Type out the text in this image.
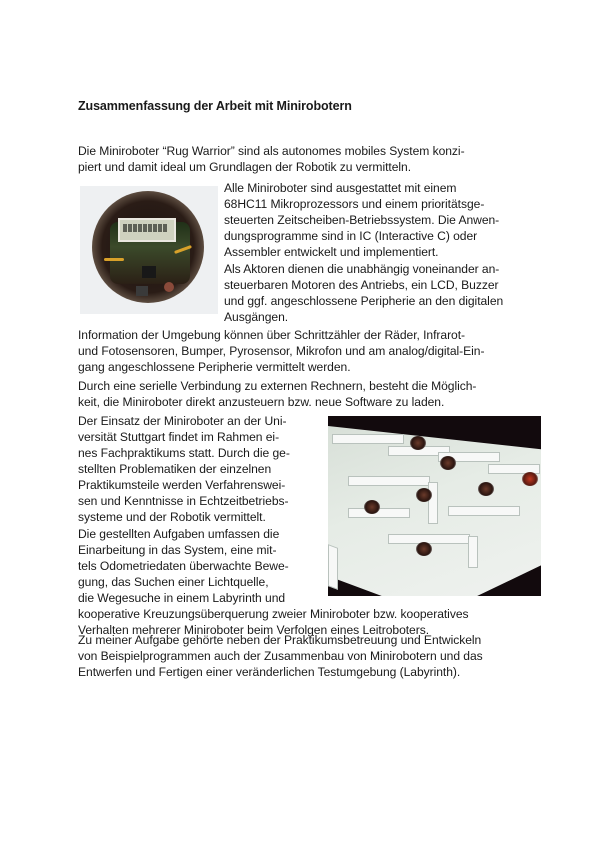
Zusammenfassung der Arbeit mit Minirobotern

Die Miniroboter “Rug Warrior” sind als autonomes mobiles System konzi-
piert und damit ideal um Grundlagen der Robotik zu vermitteln.

Alle Miniroboter sind ausgestattet mit einem
68HC11 Mikroprozessors und einem prioritätsge-
steuerten Zeitscheiben-Betriebssystem. Die Anwen-
dungsprogramme sind in IC (Interactive C) oder
Assembler entwickelt und implementiert.

Als Aktoren dienen die unabhängig voneinander an-
steuerbaren Motoren des Antriebs, ein LCD, Buzzer
und ggf. angeschlossene Peripherie an den digitalen
Ausgängen.

Information der Umgebung können über Schrittzähler der Räder, Infrarot-
und Fotosensoren, Bumper, Pyrosensor, Mikrofon und am analog/digital-Ein-
gang angeschlossene Peripherie vermittelt werden.

Durch eine serielle Verbindung zu externen Rechnern, besteht die Möglich-
keit, die Miniroboter direkt anzusteuern bzw. neue Software zu laden.

Der Einsatz der Miniroboter an der Uni-
versität Stuttgart findet im Rahmen ei-
nes Fachpraktikums statt. Durch die ge-
stellten Problematiken der einzelnen
Praktikumsteile werden Verfahrenswei-
sen und Kenntnisse in Echtzeitbetriebs-
systeme und der Robotik vermittelt.

Die gestellten Aufgaben umfassen die
Einarbeitung in das System, eine mit-
tels Odometriedaten überwachte Bewe-
gung, das Suchen einer Lichtquelle,
die Wegesuche in einem Labyrinth und
kooperative Kreuzungsüberquerung zweier Miniroboter bzw. kooperatives
Verhalten mehrerer Miniroboter beim Verfolgen eines Leitroboters.

Zu meiner Aufgabe gehörte neben der Praktikumsbetreuung und Entwickeln
von Beispielprogrammen auch der Zusammenbau von Minirobotern und das
Entwerfen und Fertigen einer veränderlichen Testumgebung (Labyrinth).
